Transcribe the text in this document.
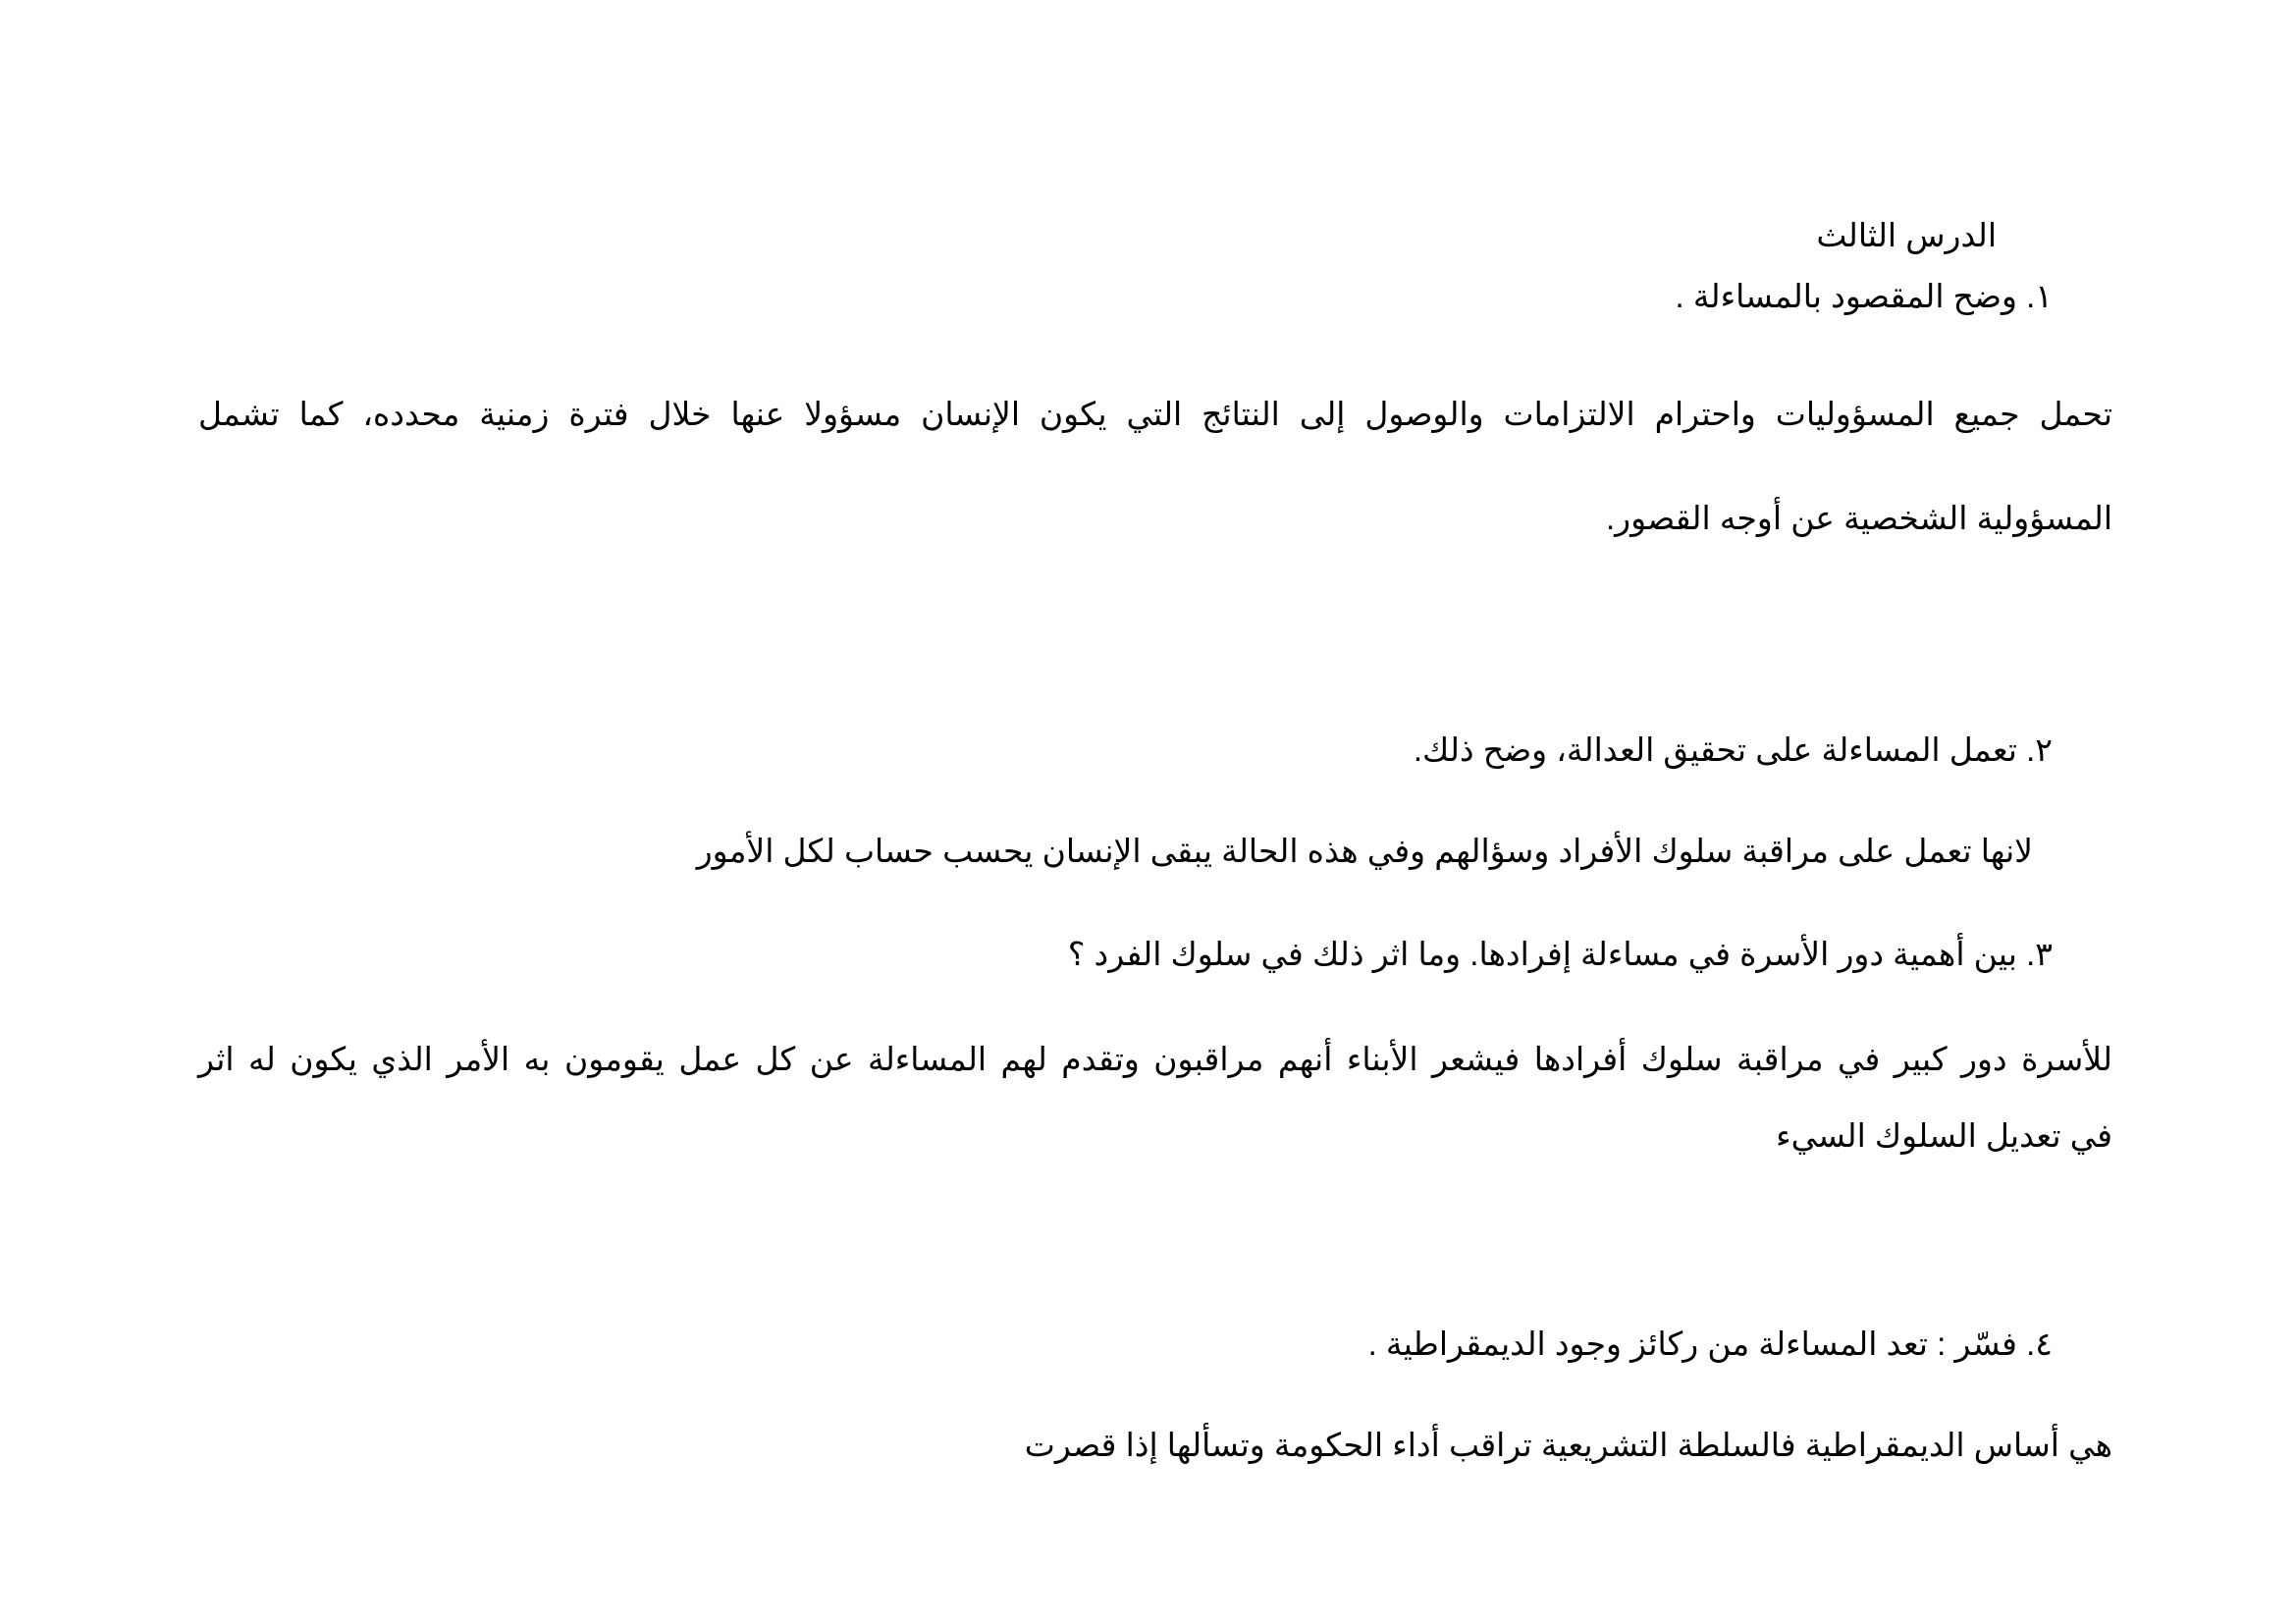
الدرس الثالث
١. وضح المقصود بالمساءلة .
تحمل جميع المسؤوليات واحترام الالتزامات والوصول إلى النتائج التي يكون الإنسان مسؤولا عنها خلال فترة زمنية محدده، كما تشمل
المسؤولية الشخصية عن أوجه القصور.
٢. تعمل المساءلة على تحقيق العدالة، وضح ذلك.
لانها تعمل على مراقبة سلوك الأفراد وسؤالهم وفي هذه الحالة يبقى الإنسان يحسب حساب لكل الأمور
٣. بين أهمية دور الأسرة في مساءلة إفرادها. وما اثر ذلك في سلوك الفرد ؟
للأسرة دور كبير في مراقبة سلوك أفرادها فيشعر الأبناء أنهم مراقبون وتقدم لهم المساءلة عن كل عمل يقومون به الأمر الذي يكون له اثر
في تعديل السلوك السيء
٤. فسّر : تعد المساءلة من ركائز وجود الديمقراطية .
هي أساس الديمقراطية فالسلطة التشريعية تراقب أداء الحكومة وتسألها إذا قصرت
